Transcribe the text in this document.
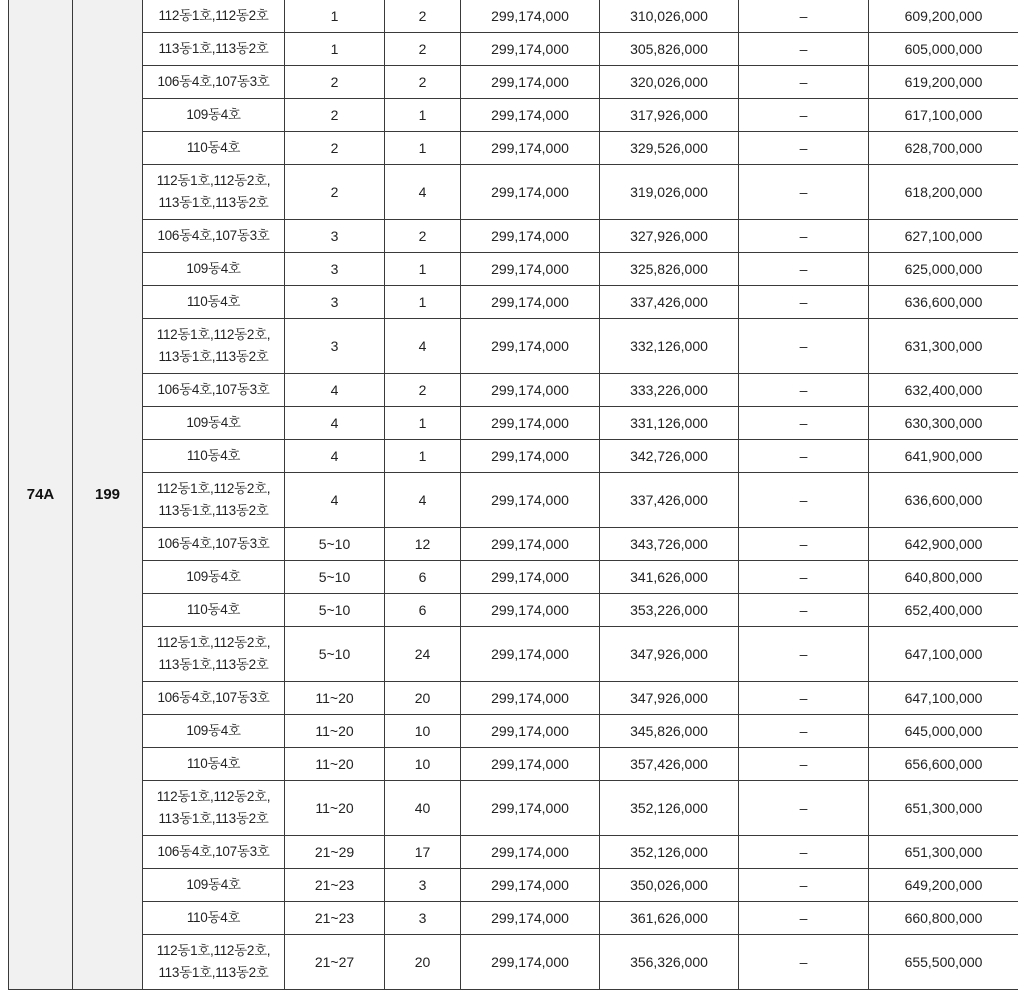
74A	199	112동1호,112동2호	1	2	299,174,000	310,026,000	–	609,200,000
		113동1호,113동2호	1	2	299,174,000	305,826,000	–	605,000,000
		106동4호,107동3호	2	2	299,174,000	320,026,000	–	619,200,000
		109동4호	2	1	299,174,000	317,926,000	–	617,100,000
		110동4호	2	1	299,174,000	329,526,000	–	628,700,000
		112동1호,112동2호,
113동1호,113동2호	2	4	299,174,000	319,026,000	–	618,200,000
		106동4호,107동3호	3	2	299,174,000	327,926,000	–	627,100,000
		109동4호	3	1	299,174,000	325,826,000	–	625,000,000
		110동4호	3	1	299,174,000	337,426,000	–	636,600,000
		112동1호,112동2호,
113동1호,113동2호	3	4	299,174,000	332,126,000	–	631,300,000
		106동4호,107동3호	4	2	299,174,000	333,226,000	–	632,400,000
		109동4호	4	1	299,174,000	331,126,000	–	630,300,000
		110동4호	4	1	299,174,000	342,726,000	–	641,900,000
		112동1호,112동2호,
113동1호,113동2호	4	4	299,174,000	337,426,000	–	636,600,000
		106동4호,107동3호	5~10	12	299,174,000	343,726,000	–	642,900,000
		109동4호	5~10	6	299,174,000	341,626,000	–	640,800,000
		110동4호	5~10	6	299,174,000	353,226,000	–	652,400,000
		112동1호,112동2호,
113동1호,113동2호	5~10	24	299,174,000	347,926,000	–	647,100,000
		106동4호,107동3호	11~20	20	299,174,000	347,926,000	–	647,100,000
		109동4호	11~20	10	299,174,000	345,826,000	–	645,000,000
		110동4호	11~20	10	299,174,000	357,426,000	–	656,600,000
		112동1호,112동2호,
113동1호,113동2호	11~20	40	299,174,000	352,126,000	–	651,300,000
		106동4호,107동3호	21~29	17	299,174,000	352,126,000	–	651,300,000
		109동4호	21~23	3	299,174,000	350,026,000	–	649,200,000
		110동4호	21~23	3	299,174,000	361,626,000	–	660,800,000
		112동1호,112동2호,
113동1호,113동2호	21~27	20	299,174,000	356,326,000	–	655,500,000
